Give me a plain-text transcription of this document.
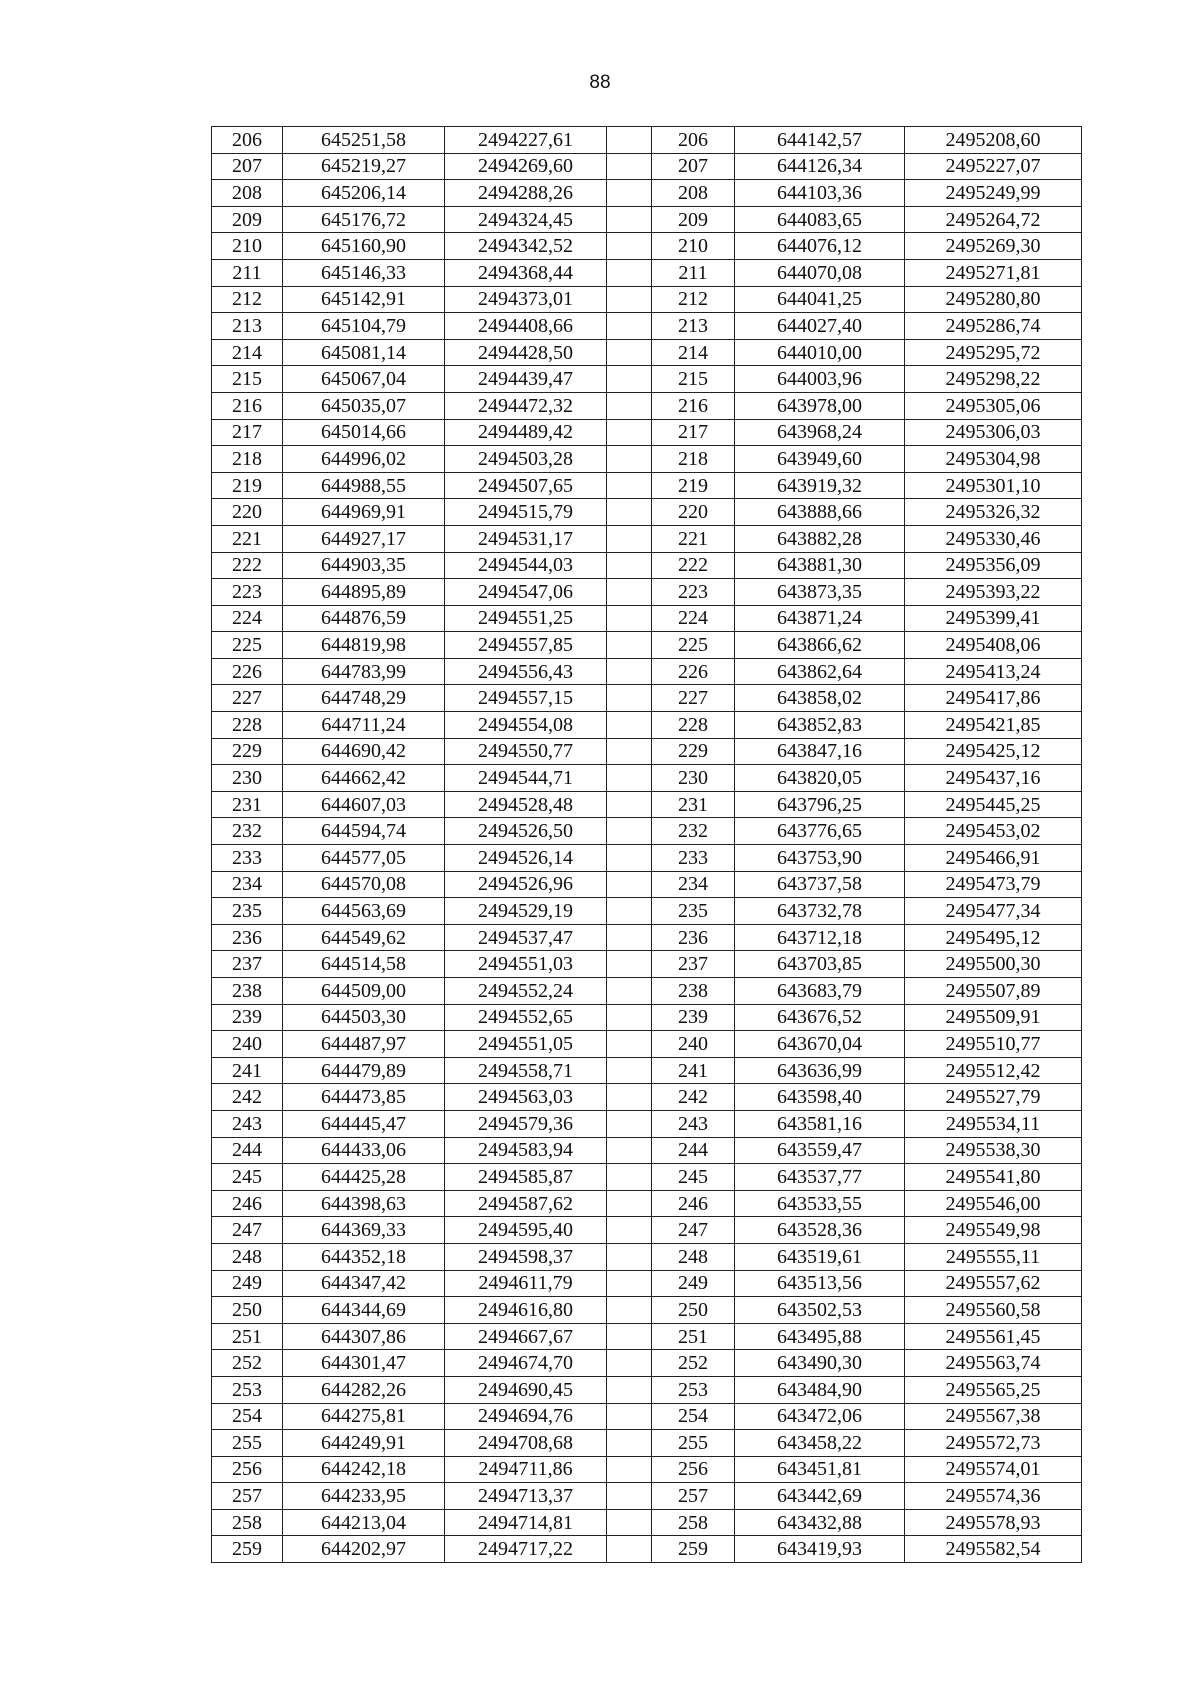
88
206	645251,58	2494227,61		206	644142,57	2495208,60
207	645219,27	2494269,60		207	644126,34	2495227,07
208	645206,14	2494288,26		208	644103,36	2495249,99
209	645176,72	2494324,45		209	644083,65	2495264,72
210	645160,90	2494342,52		210	644076,12	2495269,30
211	645146,33	2494368,44		211	644070,08	2495271,81
212	645142,91	2494373,01		212	644041,25	2495280,80
213	645104,79	2494408,66		213	644027,40	2495286,74
214	645081,14	2494428,50		214	644010,00	2495295,72
215	645067,04	2494439,47		215	644003,96	2495298,22
216	645035,07	2494472,32		216	643978,00	2495305,06
217	645014,66	2494489,42		217	643968,24	2495306,03
218	644996,02	2494503,28		218	643949,60	2495304,98
219	644988,55	2494507,65		219	643919,32	2495301,10
220	644969,91	2494515,79		220	643888,66	2495326,32
221	644927,17	2494531,17		221	643882,28	2495330,46
222	644903,35	2494544,03		222	643881,30	2495356,09
223	644895,89	2494547,06		223	643873,35	2495393,22
224	644876,59	2494551,25		224	643871,24	2495399,41
225	644819,98	2494557,85		225	643866,62	2495408,06
226	644783,99	2494556,43		226	643862,64	2495413,24
227	644748,29	2494557,15		227	643858,02	2495417,86
228	644711,24	2494554,08		228	643852,83	2495421,85
229	644690,42	2494550,77		229	643847,16	2495425,12
230	644662,42	2494544,71		230	643820,05	2495437,16
231	644607,03	2494528,48		231	643796,25	2495445,25
232	644594,74	2494526,50		232	643776,65	2495453,02
233	644577,05	2494526,14		233	643753,90	2495466,91
234	644570,08	2494526,96		234	643737,58	2495473,79
235	644563,69	2494529,19		235	643732,78	2495477,34
236	644549,62	2494537,47		236	643712,18	2495495,12
237	644514,58	2494551,03		237	643703,85	2495500,30
238	644509,00	2494552,24		238	643683,79	2495507,89
239	644503,30	2494552,65		239	643676,52	2495509,91
240	644487,97	2494551,05		240	643670,04	2495510,77
241	644479,89	2494558,71		241	643636,99	2495512,42
242	644473,85	2494563,03		242	643598,40	2495527,79
243	644445,47	2494579,36		243	643581,16	2495534,11
244	644433,06	2494583,94		244	643559,47	2495538,30
245	644425,28	2494585,87		245	643537,77	2495541,80
246	644398,63	2494587,62		246	643533,55	2495546,00
247	644369,33	2494595,40		247	643528,36	2495549,98
248	644352,18	2494598,37		248	643519,61	2495555,11
249	644347,42	2494611,79		249	643513,56	2495557,62
250	644344,69	2494616,80		250	643502,53	2495560,58
251	644307,86	2494667,67		251	643495,88	2495561,45
252	644301,47	2494674,70		252	643490,30	2495563,74
253	644282,26	2494690,45		253	643484,90	2495565,25
254	644275,81	2494694,76		254	643472,06	2495567,38
255	644249,91	2494708,68		255	643458,22	2495572,73
256	644242,18	2494711,86		256	643451,81	2495574,01
257	644233,95	2494713,37		257	643442,69	2495574,36
258	644213,04	2494714,81		258	643432,88	2495578,93
259	644202,97	2494717,22		259	643419,93	2495582,54
